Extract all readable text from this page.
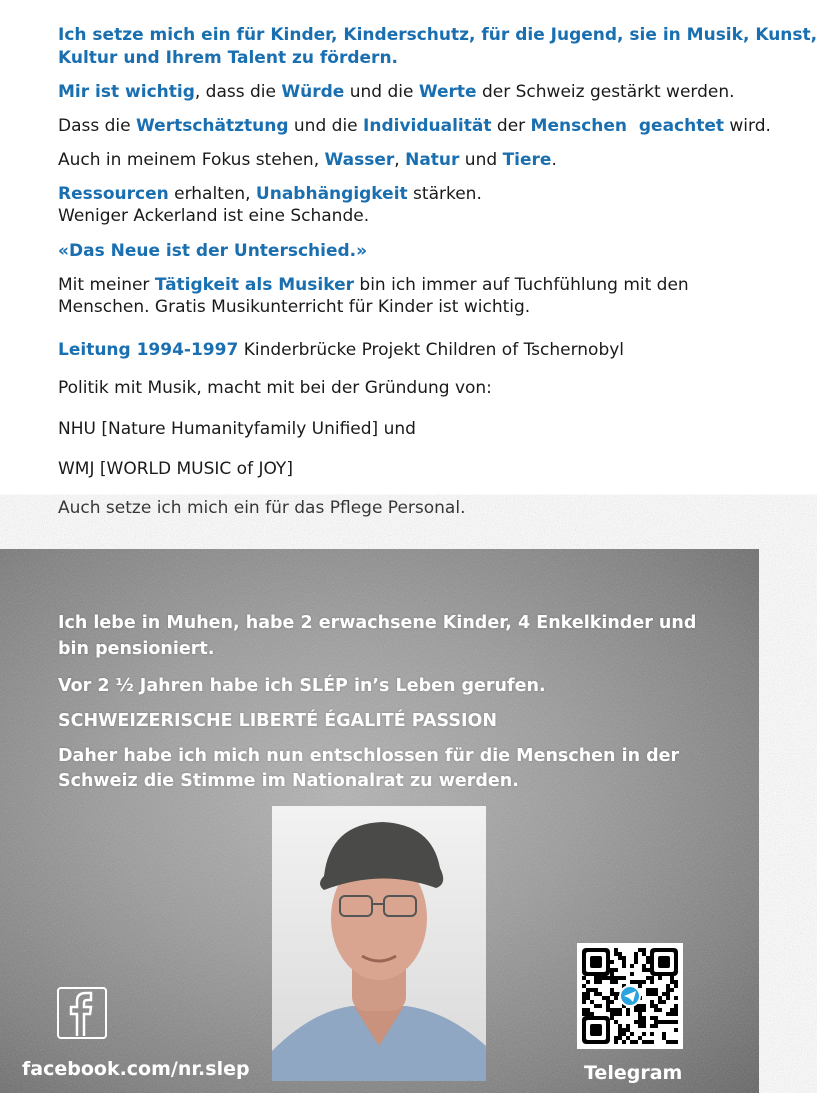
Ich setze mich ein für Kinder, Kinderschutz, für die Jugend, sie in Musik, Kunst,
Kultur und Ihrem Talent zu fördern.
Mir ist wichtig, dass die Würde und die Werte der Schweiz gestärkt werden.
Dass die Wertschätztung und die Individualität der Menschen  geachtet wird.
Auch in meinem Fokus stehen, Wasser, Natur und Tiere.
Ressourcen erhalten, Unabhängigkeit stärken.
Weniger Ackerland ist eine Schande.
«Das Neue ist der Unterschied.»
Mit meiner Tätigkeit als Musiker bin ich immer auf Tuchfühlung mit den
Menschen. Gratis Musikunterricht für Kinder ist wichtig.
Leitung 1994-1997 Kinderbrücke Projekt Children of Tschernobyl
Politik mit Musik, macht mit bei der Gründung von:
NHU [Nature Humanityfamily Unified] und
WMJ [WORLD MUSIC of JOY]
Auch setze ich mich ein für das Pflege Personal.
Ich lebe in Muhen, habe 2 erwachsene Kinder, 4 Enkelkinder und
bin pensioniert.
Vor 2 ½ Jahren habe ich SLÉP in’s Leben gerufen.
SCHWEIZERISCHE LIBERTÉ ÉGALITÉ PASSION
Daher habe ich mich nun entschlossen für die Menschen in der
Schweiz die Stimme im Nationalrat zu werden.
facebook.com/nr.slep	Telegram
